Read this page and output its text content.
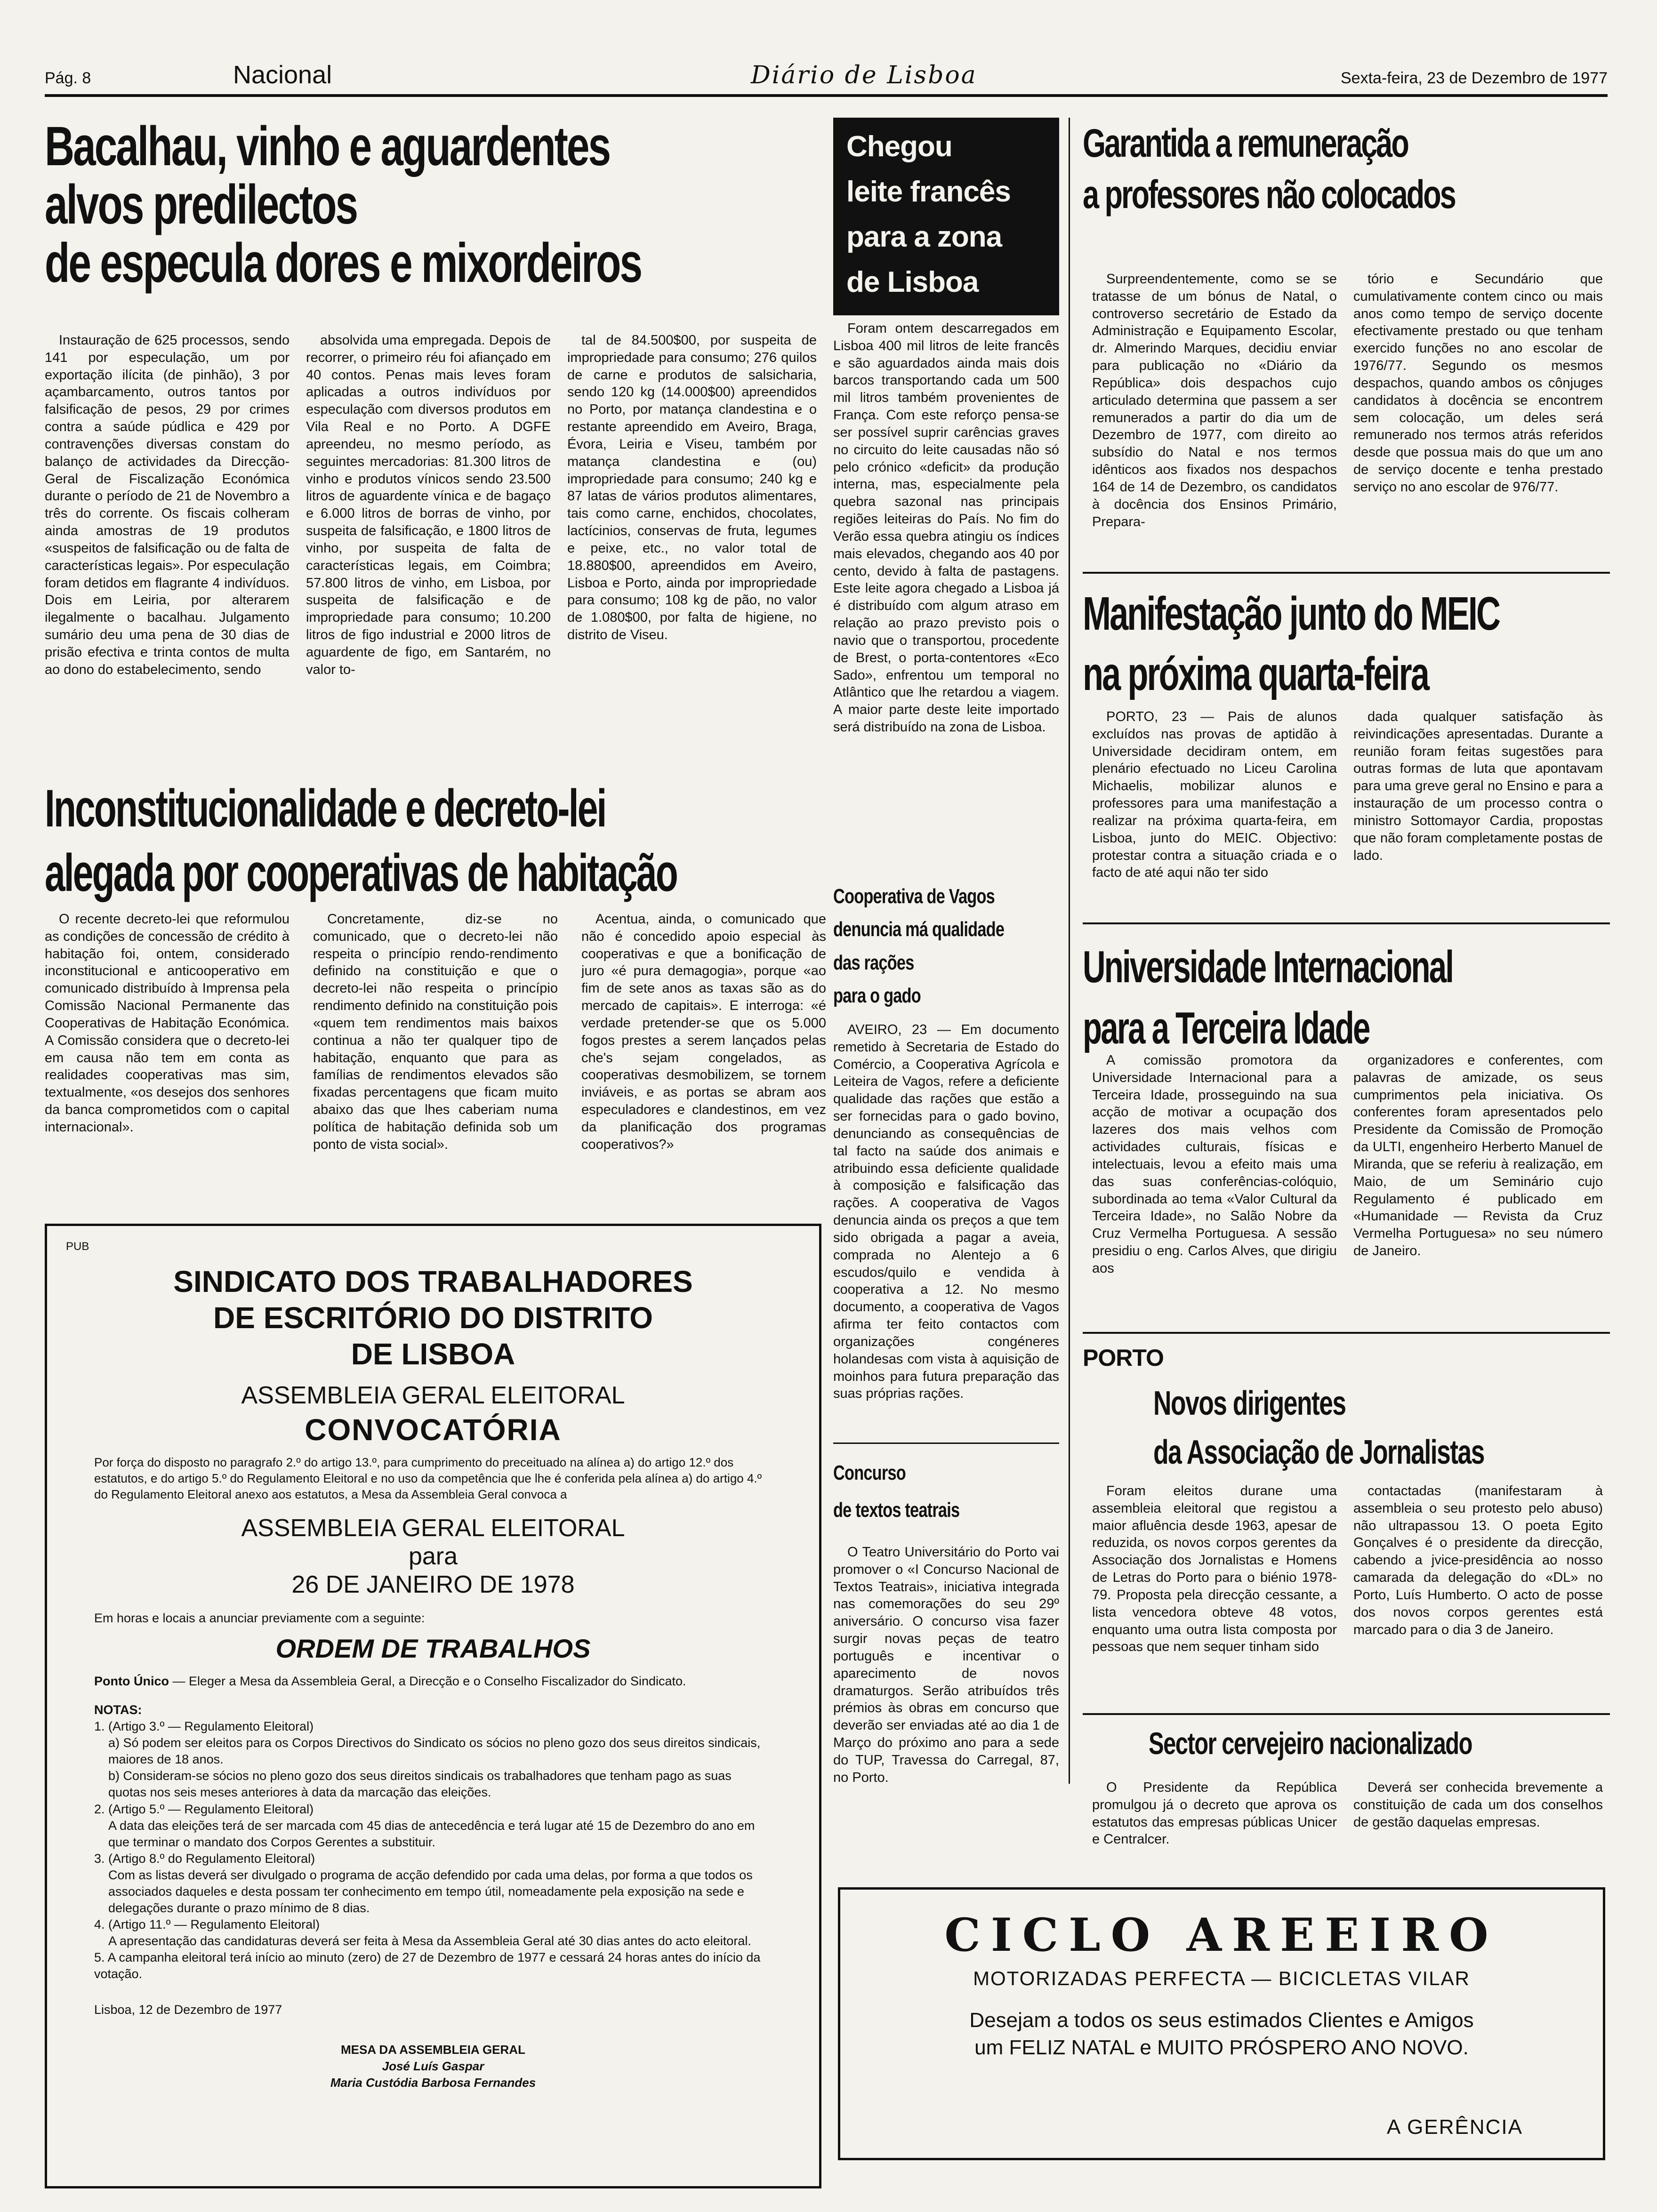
Pág. 8	Nacional	Diário de Lisboa	Sexta-feira, 23 de Dezembro de 1977
Bacalhau, vinho e aguardentes
alvos predilectos
de especula dores e mixordeiros

Instauração de 625 processos, sendo 141 por especulação, um por exportação ilícita (de pinhão), 3 por açambarcamento, outros tantos por falsificação de pesos, 29 por crimes contra a saúde púdlica e 429 por contravenções diversas constam do balanço de actividades da Direcção-Geral de Fiscalização Económica durante o período de 21 de Novembro a três do corrente. Os fiscais colheram ainda amostras de 19 produtos «suspeitos de falsificação ou de falta de características legais». Por especulação foram detidos em flagrante 4 indivíduos. Dois em Leiria, por alterarem ilegalmente o bacalhau. Julgamento sumário deu uma pena de 30 dias de prisão efectiva e trinta contos de multa ao dono do estabelecimento, sendo

absolvida uma empregada. Depois de recorrer, o primeiro réu foi afiançado em 40 contos. Penas mais leves foram aplicadas a outros indivíduos por especulação com diversos produtos em Vila Real e no Porto. A DGFE apreendeu, no mesmo período, as seguintes mercadorias: 81.300 litros de vinho e produtos vínicos sendo 23.500 litros de aguardente vínica e de bagaço e 6.000 litros de borras de vinho, por suspeita de falsificação, e 1800 litros de vinho, por suspeita de falta de características legais, em Coimbra; 57.800 litros de vinho, em Lisboa, por suspeita de falsificação e de impropriedade para consumo; 10.200 litros de figo industrial e 2000 litros de aguardente de figo, em Santarém, no valor to-

tal de 84.500$00, por suspeita de impropriedade para consumo; 276 quilos de carne e produtos de salsicharia, sendo 120 kg (14.000$00) apreendidos no Porto, por matança clandestina e o restante apreendido em Aveiro, Braga, Évora, Leiria e Viseu, também por matança clandestina e (ou) impropriedade para consumo; 240 kg e 87 latas de vários produtos alimentares, tais como carne, enchidos, chocolates, lactícinios, conservas de fruta, legumes e peixe, etc., no valor total de 18.880$00, apreendidos em Aveiro, Lisboa e Porto, ainda por impropriedade para consumo; 108 kg de pão, no valor de 1.080$00, por falta de higiene, no distrito de Viseu.

Chegou
leite francês
para a zona
de Lisboa

Foram ontem descarregados em Lisboa 400 mil litros de leite francês e são aguardados ainda mais dois barcos transportando cada um 500 mil litros também provenientes de França. Com este reforço pensa-se ser possível suprir carências graves no circuito do leite causadas não só pelo crónico «deficit» da produção interna, mas, especialmente pela quebra sazonal nas principais regiões leiteiras do País. No fim do Verão essa quebra atingiu os índices mais elevados, chegando aos 40 por cento, devido à falta de pastagens. Este leite agora chegado a Lisboa já é distribuído com algum atraso em relação ao prazo previsto pois o navio que o transportou, procedente de Brest, o porta-contentores «Eco Sado», enfrentou um temporal no Atlântico que lhe retardou a viagem. A maior parte deste leite importado será distribuído na zona de Lisboa.

Garantida a remuneração
a professores não colocados

Surpreendentemente, como se se tratasse de um bónus de Natal, o controverso secretário de Estado da Administração e Equipamento Escolar, dr. Almerindo Marques, decidiu enviar para publicação no «Diário da República» dois despachos cujo articulado determina que passem a ser remunerados a partir do dia um de Dezembro de 1977, com direito ao subsídio do Natal e nos termos idênticos aos fixados nos despachos 164 de 14 de Dezembro, os candidatos à docência dos Ensinos Primário, Prepara-

tório e Secundário que cumulativamente contem cinco ou mais anos como tempo de serviço docente efectivamente prestado ou que tenham exercido funções no ano escolar de 1976/77. Segundo os mesmos despachos, quando ambos os cônjuges candidatos à docência se encontrem sem colocação, um deles será remunerado nos termos atrás referidos desde que possua mais do que um ano de serviço docente e tenha prestado serviço no ano escolar de 976/77.

Manifestação junto do MEIC
na próxima quarta-feira

PORTO, 23 — Pais de alunos excluídos nas provas de aptidão à Universidade decidiram ontem, em plenário efectuado no Liceu Carolina Michaelis, mobilizar alunos e professores para uma manifestação a realizar na próxima quarta-feira, em Lisboa, junto do MEIC. Objectivo: protestar contra a situação criada e o facto de até aqui não ter sido

dada qualquer satisfação às reivindicações apresentadas. Durante a reunião foram feitas sugestões para outras formas de luta que apontavam para uma greve geral no Ensino e para a instauração de um processo contra o ministro Sottomayor Cardia, propostas que não foram completamente postas de lado.

Inconstitucionalidade e decreto-lei
alegada por cooperativas de habitação

O recente decreto-lei que reformulou as condições de concessão de crédito à habitação foi, ontem, considerado inconstitucional e anticooperativo em comunicado distribuído à Imprensa pela Comissão Nacional Permanente das Cooperativas de Habitação Económica. A Comissão considera que o decreto-lei em causa não tem em conta as realidades cooperativas mas sim, textualmente, «os desejos dos senhores da banca comprometidos com o capital internacional».

Concretamente, diz-se no comunicado, que o decreto-lei não respeita o princípio rendo-rendimento definido na constituição e que o decreto-lei não respeita o princípio rendimento definido na constituição pois «quem tem rendimentos mais baixos continua a não ter qualquer tipo de habitação, enquanto que para as famílias de rendimentos elevados são fixadas percentagens que ficam muito abaixo das que lhes caberiam numa política de habitação definida sob um ponto de vista social».

Acentua, ainda, o comunicado que não é concedido apoio especial às cooperativas e que a bonificação de juro «é pura demagogia», porque «ao fim de sete anos as taxas são as do mercado de capitais». E interroga: «é verdade pretender-se que os 5.000 fogos prestes a serem lançados pelas che's sejam congelados, as cooperativas desmobilizem, se tornem inviáveis, e as portas se abram aos especuladores e clandestinos, em vez da planificação dos programas cooperativos?»

Cooperativa de Vagos
denuncia má qualidade
das rações
para o gado

AVEIRO, 23 — Em documento remetido à Secretaria de Estado do Comércio, a Cooperativa Agrícola e Leiteira de Vagos, refere a deficiente qualidade das rações que estão a ser fornecidas para o gado bovino, denunciando as consequências de tal facto na saúde dos animais e atribuindo essa deficiente qualidade à composição e falsificação das rações. A cooperativa de Vagos denuncia ainda os preços a que tem sido obrigada a pagar a aveia, comprada no Alentejo a 6 escudos/quilo e vendida à cooperativa a 12. No mesmo documento, a cooperativa de Vagos afirma ter feito contactos com organizações congéneres holandesas com vista à aquisição de moinhos para futura preparação das suas próprias rações.

Concurso
de textos teatrais

O Teatro Universitário do Porto vai promover o «I Concurso Nacional de Textos Teatrais», iniciativa integrada nas comemorações do seu 29º aniversário. O concurso visa fazer surgir novas peças de teatro português e incentivar o aparecimento de novos dramaturgos. Serão atribuídos três prémios às obras em concurso que deverão ser enviadas até ao dia 1 de Março do próximo ano para a sede do TUP, Travessa do Carregal, 87, no Porto.

Universidade Internacional
para a Terceira Idade

A comissão promotora da Universidade Internacional para a Terceira Idade, prosseguindo na sua acção de motivar a ocupação dos lazeres dos mais velhos com actividades culturais, físicas e intelectuais, levou a efeito mais uma das suas conferências-colóquio, subordinada ao tema «Valor Cultural da Terceira Idade», no Salão Nobre da Cruz Vermelha Portuguesa. A sessão presidiu o eng. Carlos Alves, que dirigiu aos

organizadores e conferentes, com palavras de amizade, os seus cumprimentos pela iniciativa. Os conferentes foram apresentados pelo Presidente da Comissão de Promoção da ULTI, engenheiro Herberto Manuel de Miranda, que se referiu à realização, em Maio, de um Seminário cujo Regulamento é publicado em «Humanidade — Revista da Cruz Vermelha Portuguesa» no seu número de Janeiro.

PORTO
Novos dirigentes
da Associação de Jornalistas

Foram eleitos durane uma assembleia eleitoral que registou a maior afluência desde 1963, apesar de reduzida, os novos corpos gerentes da Associação dos Jornalistas e Homens de Letras do Porto para o biénio 1978-79. Proposta pela direcção cessante, a lista vencedora obteve 48 votos, enquanto uma outra lista composta por pessoas que nem sequer tinham sido

contactadas (manifestaram à assembleia o seu protesto pelo abuso) não ultrapassou 13. O poeta Egito Gonçalves é o presidente da direcção, cabendo a jvice-presidência ao nosso camarada da delegação do «DL» no Porto, Luís Humberto. O acto de posse dos novos corpos gerentes está marcado para o dia 3 de Janeiro.

Sector cervejeiro nacionalizado

O Presidente da República promulgou já o decreto que aprova os estatutos das empresas públicas Unicer e Centralcer.

Deverá ser conhecida brevemente a constituição de cada um dos conselhos de gestão daquelas empresas.

PUB
SINDICATO DOS TRABALHADORES
DE ESCRITÓRIO DO DISTRITO
DE LISBOA
ASSEMBLEIA GERAL ELEITORAL
CONVOCATÓRIA
Por força do disposto no paragrafo 2.º do artigo 13.º, para cumprimento do preceituado na alínea a) do artigo 12.º dos estatutos, e do artigo 5.º do Regulamento Eleitoral e no uso da competência que lhe é conferida pela alínea a) do artigo 4.º do Regulamento Eleitoral anexo aos estatutos, a Mesa da Assembleia Geral convoca a
ASSEMBLEIA GERAL ELEITORAL
para
26 DE JANEIRO DE 1978
Em horas e locais a anunciar previamente com a seguinte:
ORDEM DE TRABALHOS
Ponto Único — Eleger a Mesa da Assembleia Geral, a Direcção e o Conselho Fiscalizador do Sindicato.
NOTAS:
1. (Artigo 3.º — Regulamento Eleitoral)
a) Só podem ser eleitos para os Corpos Directivos do Sindicato os sócios no pleno gozo dos seus direitos sindicais, maiores de 18 anos.
b) Consideram-se sócios no pleno gozo dos seus direitos sindicais os trabalhadores que tenham pago as suas quotas nos seis meses anteriores à data da marcação das eleições.
2. (Artigo 5.º — Regulamento Eleitoral)
A data das eleições terá de ser marcada com 45 dias de antecedência e terá lugar até 15 de Dezembro do ano em que terminar o mandato dos Corpos Gerentes a substituir.
3. (Artigo 8.º do Regulamento Eleitoral)
Com as listas deverá ser divulgado o programa de acção defendido por cada uma delas, por forma a que todos os associados daqueles e desta possam ter conhecimento em tempo útil, nomeadamente pela exposição na sede e delegações durante o prazo mínimo de 8 dias.
4. (Artigo 11.º — Regulamento Eleitoral)
A apresentação das candidaturas deverá ser feita à Mesa da Assembleia Geral até 30 dias antes do acto eleitoral.
5. A campanha eleitoral terá início ao minuto (zero) de 27 de Dezembro de 1977 e cessará 24 horas antes do início da votação.
Lisboa, 12 de Dezembro de 1977
MESA DA ASSEMBLEIA GERAL
José Luís Gaspar
Maria Custódia Barbosa Fernandes
CICLO AREEIRO
MOTORIZADAS PERFECTA — BICICLETAS VILAR
Desejam a todos os seus estimados Clientes e Amigos
um FELIZ NATAL e MUITO PRÓSPERO ANO NOVO.
A GERÊNCIA
